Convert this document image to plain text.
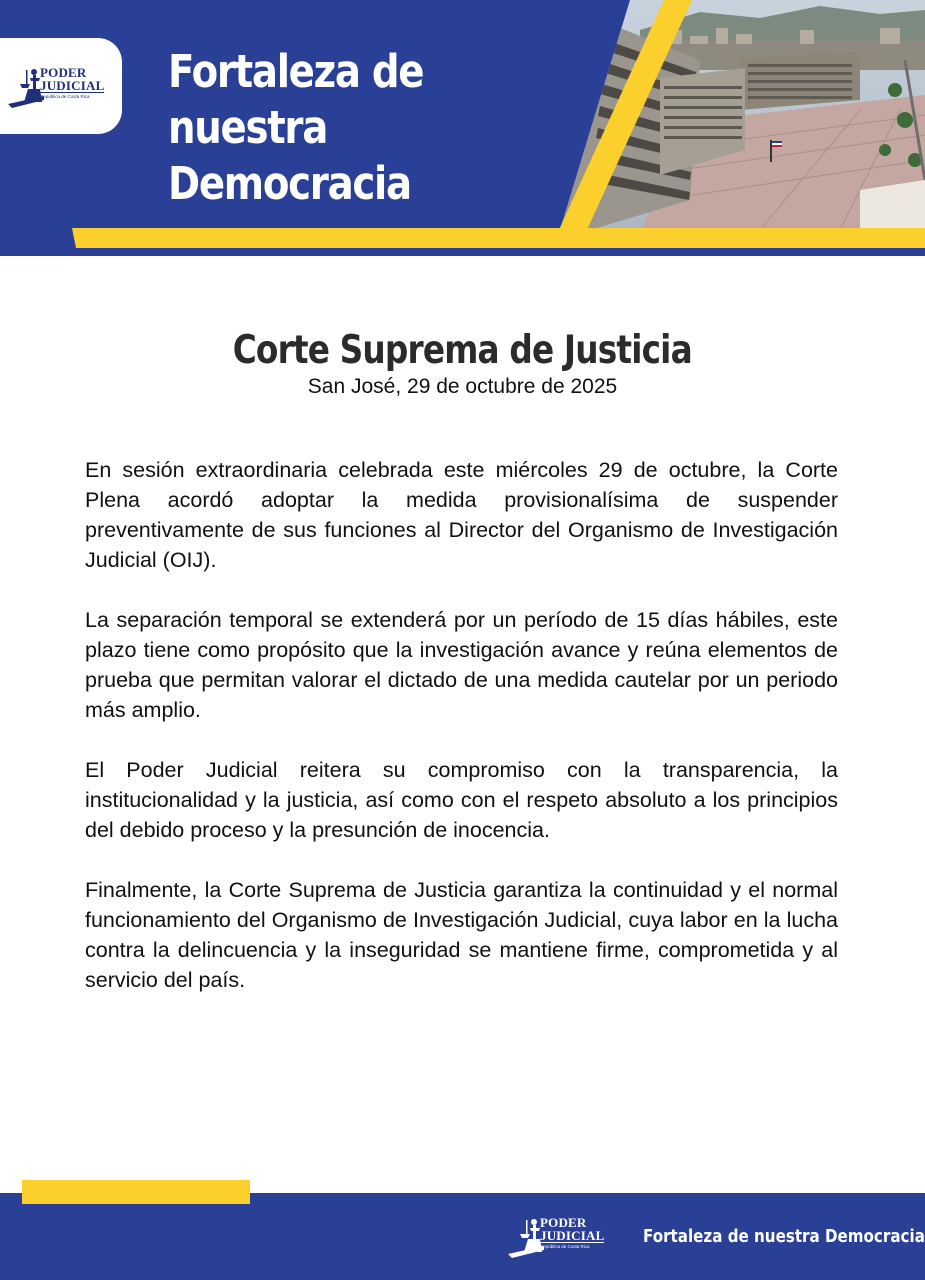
PODER
JUDICIAL
República de Costa Rica	Fortaleza de nuestra
Democracia
Corte Suprema de Justicia
San José, 29 de octubre de 2025

En sesión extraordinaria celebrada este miércoles 29 de octubre, la Corte Plena acordó adoptar la medida provisionalísima de suspender preventivamente de sus funciones al Director del Organismo de Investigación Judicial (OIJ).

La separación temporal se extenderá por un período de 15 días hábiles, este plazo tiene como propósito que la investigación avance y reúna elementos de prueba que permitan valorar el dictado de una medida cautelar por un periodo más amplio.

El Poder Judicial reitera su compromiso con la transparencia, la institucionalidad y la justicia, así como con el respeto absoluto a los principios del debido proceso y la presunción de inocencia.

Finalmente, la Corte Suprema de Justicia garantiza la continuidad y el normal funcionamiento del Organismo de Investigación Judicial, cuya labor en la lucha contra la delincuencia y la inseguridad se mantiene firme, comprometida y al servicio del país.

PODER
JUDICIAL
República de Costa Rica	Fortaleza de nuestra Democracia
